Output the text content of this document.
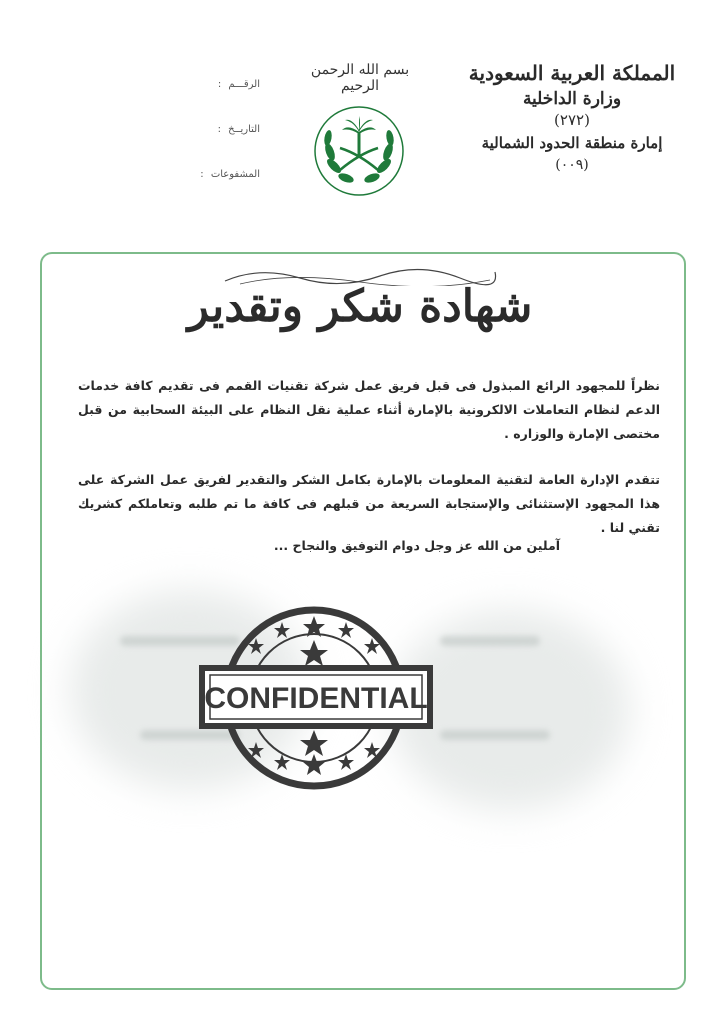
المملكة العربية السعودية
وزارة الداخلية
(٢٧٢)
إمارة منطقة الحدود الشمالية
(٠٠٩)
بسم الله الرحمن الرحيم
الرقـــم :
التاريــخ :
المشفوعات :
شهادة شكر وتقدير
نظراً للمجهود الرائع المبذول فى قبل فريق عمل شركة تقنيات القمم فى تقديم كافة خدمات الدعم لنظام التعاملات الالكرونية بالإمارة أثناء عملية نقل النظام على البيئة السحابية من قبل مختصى الإمارة والوزاره .
تتقدم الإدارة العامة لتقنية المعلومات بالإمارة بكامل الشكر والتقدير لفريق عمل الشركة على هذا المجهود الإستثنائى والإستجابة السريعة من قبلهم فى كافة ما تم طلبه وتعاملكم كشريك تقني لنا .
آملين من الله عز وجل دوام التوفيق والنجاح ...
CONFIDENTIAL
